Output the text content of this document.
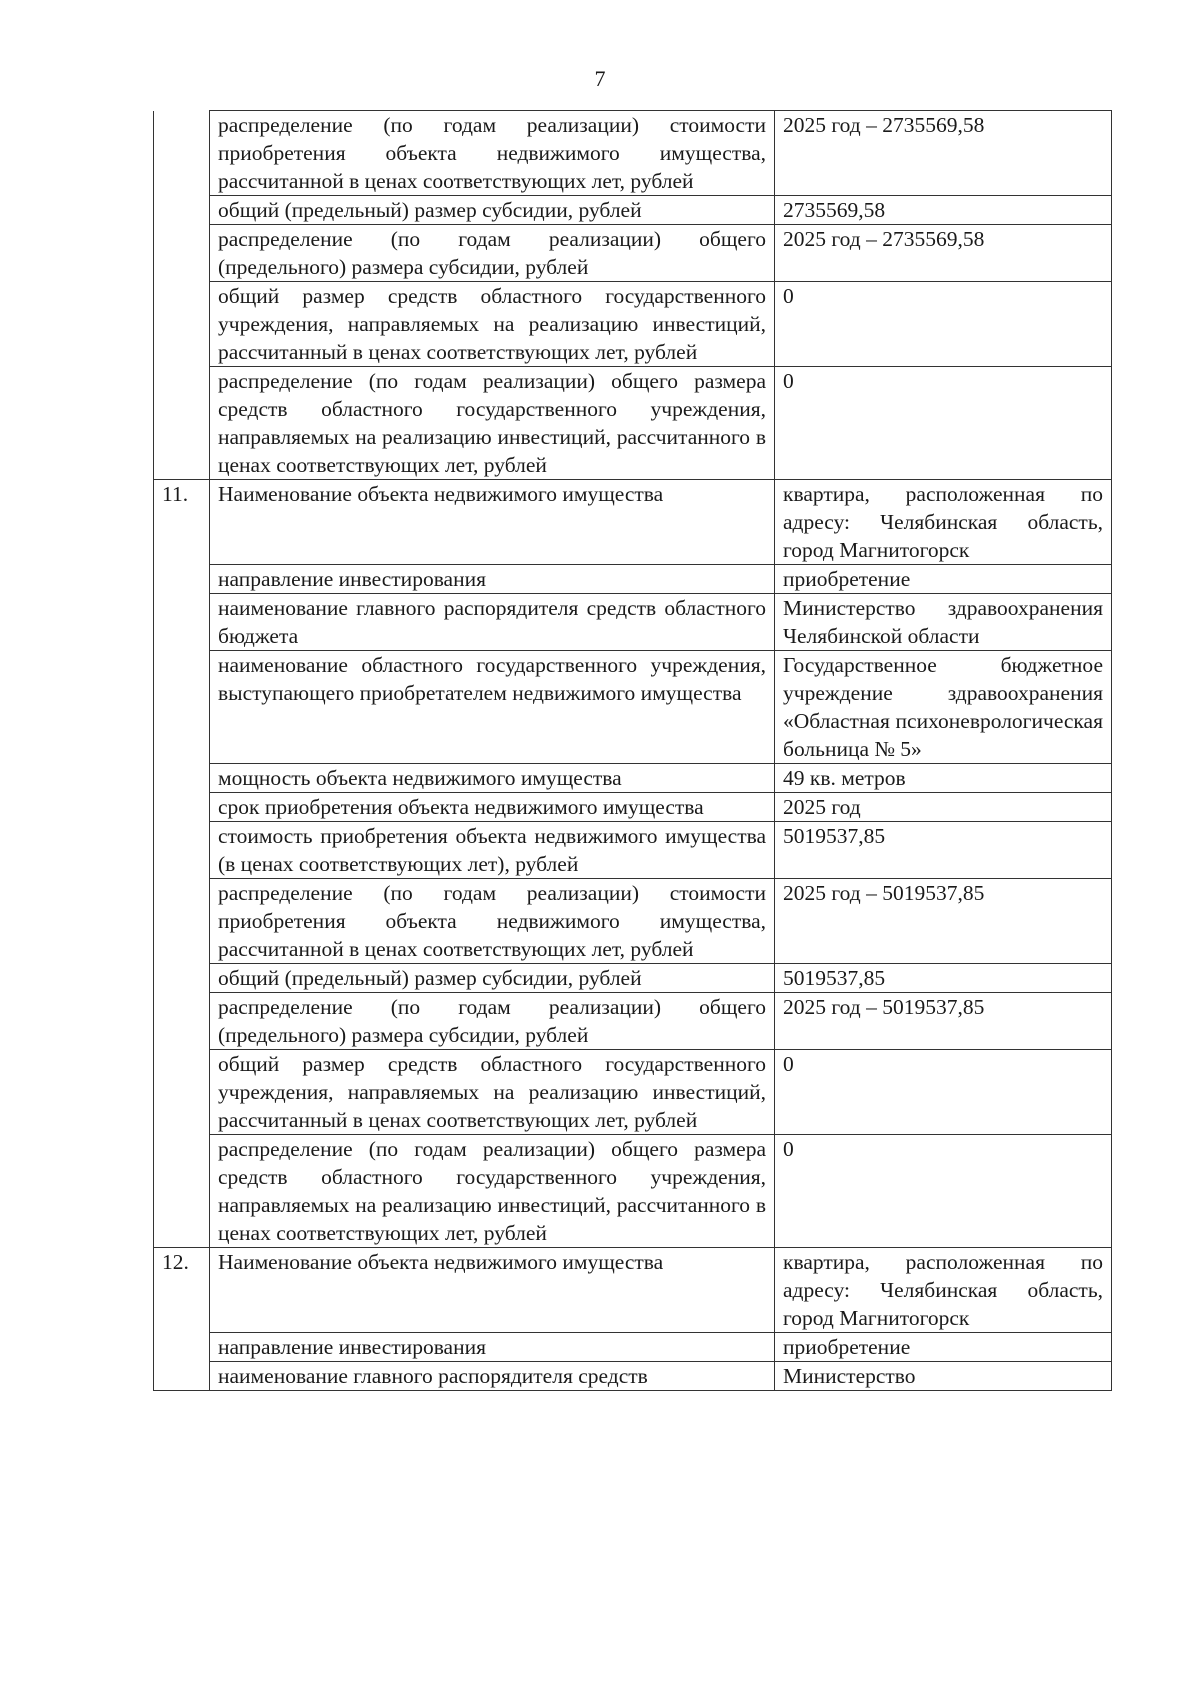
7
	распределение (по годам реализации) стоимости приобретения объекта недвижимого имущества, рассчитанной в ценах соответствующих лет, рублей	2025 год – 2735569,58
	общий (предельный) размер субсидии, рублей	2735569,58
	распределение (по годам реализации) общего (предельного) размера субсидии, рублей	2025 год – 2735569,58
	общий размер средств областного государственного учреждения, направляемых на реализацию инвестиций, рассчитанный в ценах соответствующих лет, рублей	0
	распределение (по годам реализации) общего размера средств областного государственного учреждения, направляемых на реализацию инвестиций, рассчитанного в ценах соответствующих лет, рублей	0
11.	Наименование объекта недвижимого имущества	квартира, расположенная по адресу: Челябинская область, город Магнитогорск
	направление инвестирования	приобретение
	наименование главного распорядителя средств областного бюджета	Министерство здравоохранения Челябинской области
	наименование областного государственного учреждения, выступающего приобретателем недвижимого имущества	Государственное бюджетное учреждение здравоохранения «Областная психоневрологическая больница № 5»
	мощность объекта недвижимого имущества	49 кв. метров
	срок приобретения объекта недвижимого имущества	2025 год
	стоимость приобретения объекта недвижимого имущества (в ценах соответствующих лет), рублей	5019537,85
	распределение (по годам реализации) стоимости приобретения объекта недвижимого имущества, рассчитанной в ценах соответствующих лет, рублей	2025 год – 5019537,85
	общий (предельный) размер субсидии, рублей	5019537,85
	распределение (по годам реализации) общего (предельного) размера субсидии, рублей	2025 год – 5019537,85
	общий размер средств областного государственного учреждения, направляемых на реализацию инвестиций, рассчитанный в ценах соответствующих лет, рублей	0
	распределение (по годам реализации) общего размера средств областного государственного учреждения, направляемых на реализацию инвестиций, рассчитанного в ценах соответствующих лет, рублей	0
12.	Наименование объекта недвижимого имущества	квартира, расположенная по адресу: Челябинская область, город Магнитогорск
	направление инвестирования	приобретение
	наименование главного распорядителя средств	Министерство
